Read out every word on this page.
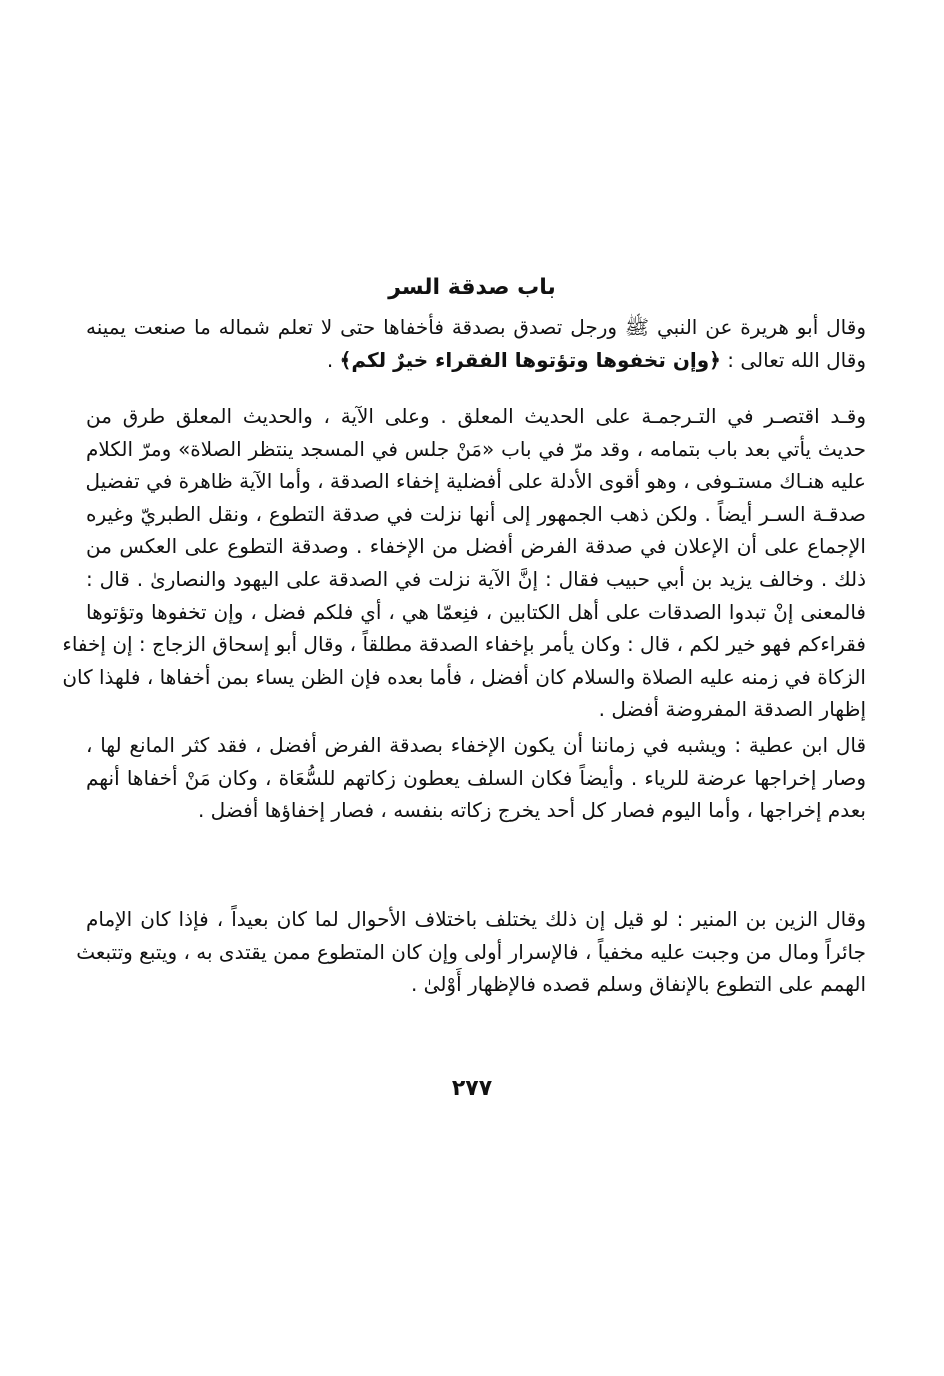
باب صدقة السر
وقال أبو هريرة عن النبي ﷺ ورجل تصدق بصدقة فأخفاها حتى لا تعلم شماله ما صنعت يمينه
وقال الله تعالى : ﴿وإن تخفوها وتؤتوها الفقراء خيرٌ لكم﴾ .
وقـد اقتصـر في التـرجمـة على الحديث المعلق . وعلى الآية ، والحديث المعلق طرق من
حديث يأتي بعد باب بتمامه ، وقد مرّ في باب «مَنْ جلس في المسجد ينتظر الصلاة» ومرّ الكلام
عليه هنـاك مستـوفى ، وهو أقوى الأدلة على أفضلية إخفاء الصدقة ، وأما الآية ظاهرة في تفضيل
صدقـة السـر أيضاً . ولكن ذهب الجمهور إلى أنها نزلت في صدقة التطوع ، ونقل الطبريّ وغيره
الإجماع على أن الإعلان في صدقة الفرض أفضل من الإخفاء . وصدقة التطوع على العكس من
ذلك . وخالف يزيد بن أبي حبيب فقال : إنَّ الآية نزلت في الصدقة على اليهود والنصارىٰ . قال :
فالمعنى إنْ تبدوا الصدقات على أهل الكتابين ، فنِعمّا هي ، أي فلكم فضل ، وإن تخفوها وتؤتوها
فقراءكم فهو خير لكم ، قال : وكان يأمر بإخفاء الصدقة مطلقاً ، وقال أبو إسحاق الزجاج : إن إخفاء
الزكاة في زمنه عليه الصلاة والسلام كان أفضل ، فأما بعده فإن الظن يساء بمن أخفاها ، فلهذا كان
إظهار الصدقة المفروضة أفضل .
قال ابن عطية : ويشبه في زماننا أن يكون الإخفاء بصدقة الفرض أفضل ، فقد كثر المانع لها ،
وصار إخراجها عرضة للرياء . وأيضاً فكان السلف يعطون زكاتهم للسُّعَاة ، وكان مَنْ أخفاها أنهم
بعدم إخراجها ، وأما اليوم فصار كل أحد يخرج زكاته بنفسه ، فصار إخفاؤها أفضل .
وقال الزين بن المنير : لو قيل إن ذلك يختلف باختلاف الأحوال لما كان بعيداً ، فإذا كان الإمام
جائراً ومال من وجبت عليه مخفياً ، فالإسرار أولى وإن كان المتطوع ممن يقتدى به ، ويتبع وتتبعث
الهمم على التطوع بالإنفاق وسلم قصده فالإظهار أَوْلىٰ .
٢٧٧
